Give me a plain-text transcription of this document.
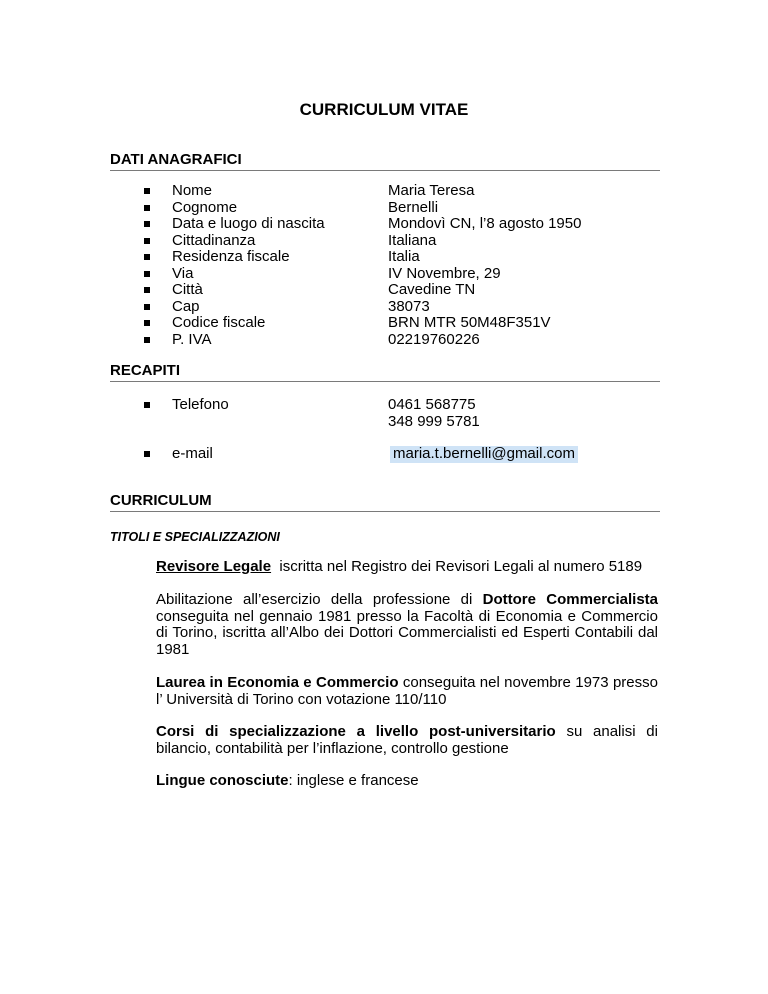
CURRICULUM VITAE
DATI ANAGRAFICI
Nome	Maria Teresa
Cognome	Bernelli
Data e luogo di nascita	Mondovì CN, l’8 agosto 1950
Cittadinanza	Italiana
Residenza fiscale	Italia
Via	IV Novembre, 29
Città	Cavedine TN
Cap	38073
Codice fiscale	BRN MTR 50M48F351V
P. IVA	02219760226
RECAPITI
Telefono	0461 568775
348 999 5781
e-mail	maria.t.bernelli@gmail.com
CURRICULUM
TITOLI E SPECIALIZZAZIONI
Revisore Legale  iscritta nel Registro dei Revisori Legali al numero 5189
Abilitazione all’esercizio della professione di Dottore Commercialista conseguita nel gennaio 1981 presso la Facoltà di Economia e Commercio di Torino, iscritta all’Albo dei Dottori Commercialisti ed Esperti Contabili dal 1981
Laurea in Economia e Commercio conseguita nel novembre 1973 presso l’ Università di Torino con votazione 110/110
Corsi di specializzazione a livello post-universitario su analisi di bilancio, contabilità per l’inflazione, controllo gestione
Lingue conosciute: inglese e francese
